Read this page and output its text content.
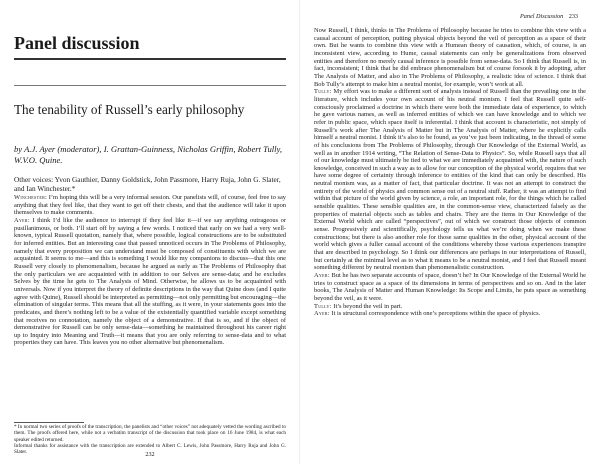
Panel discussion
The tenability of Russell’s early philosophy

by A.J. Ayer (moderator), I. Grattan-Guinness, Nicholas Griffin, Robert Tully, W.V.O. Quine.

Other voices: Yvon Gauthier, Danny Goldstick, John Passmore, Harry Ruja, John G. Slater, and Ian Winchester.*

Winchester: I’m hoping this will be a very informal session. Our panelists will, of course, feel free to say anything that they feel like, that they want to get off their chests, and that the audience will take it upon themselves to make comments.
Ayer: I think I’d like the audience to interrupt if they feel like it—if we say anything outrageous or pusillanimous, or both. I’ll start off by saying a few words. I noticed that early on we had a very well-known, typical Russell quotation, namely that, where possible, logical constructions are to be substituted for inferred entities. But an interesting case that passed unnoticed occurs in The Problems of Philosophy, namely that every proposition we can understand must be composed of constituents with which we are acquainted. It seems to me—and this is something I would like my companions to discuss—that this one Russell very closely to phenomenalism, because he argued as early as The Problems of Philosophy that the only particulars we are acquainted with in addition to our Selves are sense-data; and he excludes Selves by the time he gets to The Analysis of Mind. Otherwise, he allows us to be acquainted with universals. Now if you interpret the theory of definite descriptions in the way that Quine does (and I quite agree with Quine), Russell should be interpreted as permitting—not only permitting but encouraging—the elimination of singular terms. This means that all the stuffing, as it were, in your statements goes into the predicates, and there’s nothing left to be a value of the existentially quantified variable except something that receives no connotation, namely the object of a demonstrative. If that is so, and if the object of demonstrative for Russell can be only sense-data—something he maintained throughout his career right up to Inquiry into Meaning and Truth—it means that you are only referring to sense-data and to what properties they can have. This leaves you no other alternative but phenomenalism.

* In normal two series of proofs of the transcription, the panelists and “other voices” not adequately vetted the wording ascribed to them. The proofs offered here, while not a verbatim transcript of the discussion that took place on 16 June 1984, is what each speaker edited returned.
Informal thanks for assistance with the transcription are extended to Albert C. Lewis, John Passmore, Harry Ruja and John G. Slater.	232
Panel Discussion 233

Now Russell, I think, thinks in The Problems of Philosophy because he tries to combine this view with a causal account of perception, putting physical objects beyond the veil of perception as a space of their own. But he wants to combine this view with a Humean theory of causation, which, of course, is an inconsistent view, according to Hume, causal statements can only be generalizations from observed entities and therefore no merely causal inference is possible from sense-data. So I think that Russell is, in fact, inconsistent; I think that he did embrace phenomenalism but of course forsook it by adopting, after The Analysis of Matter, and also in The Problems of Philosophy, a realistic idea of science. I think that Bob Tully’s attempt to make him a neutral monist, for example, won’t work at all.
Tully: My effort was to make a different sort of analysis instead of Russell than the prevailing one in the literature, which includes your own account of his neutral monism. I feel that Russell quite self-consciously proclaimed a doctrine in which there were both the immediate data of experience, to which he gave various names, as well as inferred entities of which we can have knowledge and to which we refer in public space, which space itself is inferential. I think that account is characteristic, not simply of Russell’s work after The Analysis of Matter but in The Analysis of Matter, where he explicitly calls himself a neutral monist. I think it’s also to be found, as you’ve just been indicating, in the thread of some of his conclusions from The Problems of Philosophy, through Our Knowledge of the External World, as well as in another 1914 writing, “The Relation of Sense-Data to Physics”. So, while Russell says that all of our knowledge must ultimately be tied to what we are immediately acquainted with, the nature of such knowledge, conceived in such a way as to allow for our conception of the physical world, requires that we have some degree of certainty through inference to entities of the kind that can only be described. His neutral monism was, as a matter of fact, that particular doctrine. It was not an attempt to construct the entirety of the world of physics and common sense out of a neutral stuff. Rather, it was an attempt to find within that picture of the world given by science, a role, an important role, for the things which he called sensible qualities. These sensible qualities are, in the common-sense view, characterized falsely as the properties of material objects such as tables and chairs. They are the items in Our Knowledge of the External World which are called “perspectives”, out of which we construct those objects of common sense. Progressively and scientifically, psychology tells us what we’re doing when we make these constructions; but there is also another role for those same qualities in the other, physical account of the world which gives a fuller causal account of the conditions whereby those various experiences transpire that are described in psychology. So I think our differences are perhaps in our interpretations of Russell, but certainly at the minimal level as to what it means to be a neutral monist, and I feel that Russell meant something different by neutral monism than phenomenalistic construction.
Ayer: But he has two separate accounts of space, doesn’t he? In Our Knowledge of the External World he tries to construct space as a space of its dimensions in terms of perspectives and so on. And in the later books, The Analysis of Matter and Human Knowledge: Its Scope and Limits, he puts space as something beyond the veil, as it were.
Tully: It’s beyond the veil in part.
Ayer: It is structural correspondence with one’s perceptions within the space of physics.
